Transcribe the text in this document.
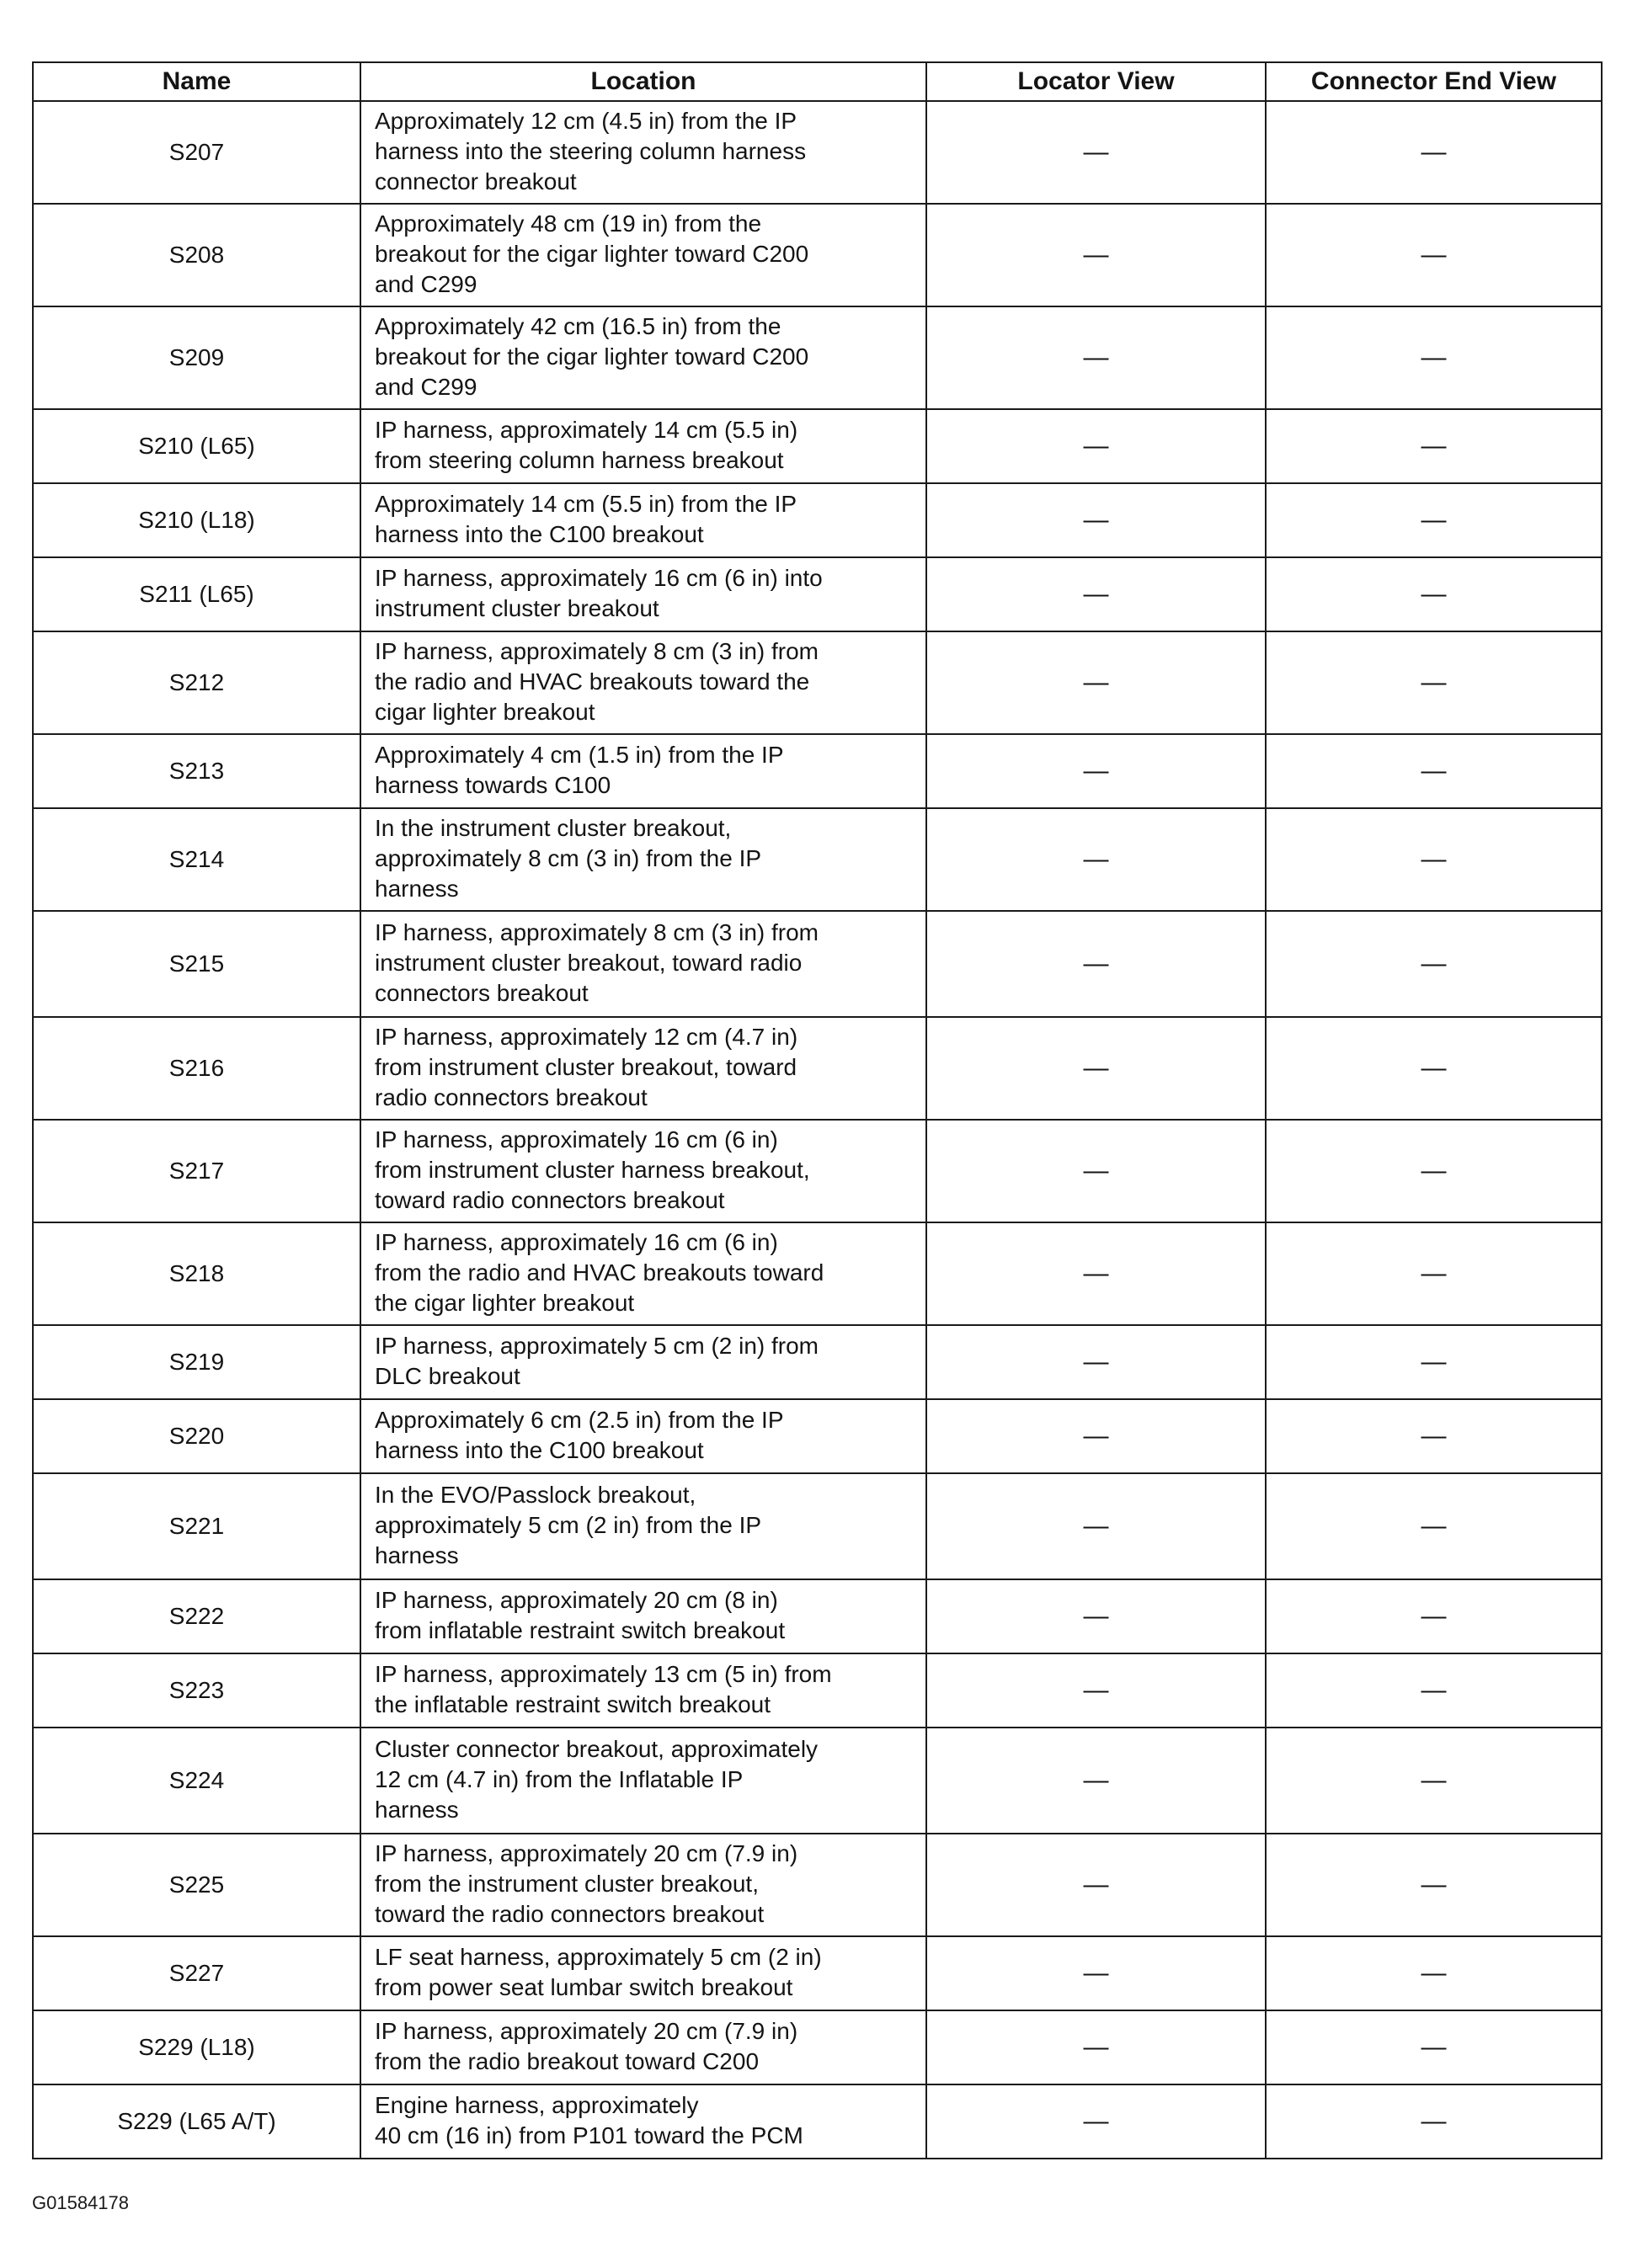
Name	Location	Locator View	Connector End View
S207	Approximately 12 cm (4.5 in) from the IP
harness into the steering column harness
connector breakout	—	—
S208	Approximately 48 cm (19 in) from the
breakout for the cigar lighter toward C200
and C299	—	—
S209	Approximately 42 cm (16.5 in) from the
breakout for the cigar lighter toward C200
and C299	—	—
S210 (L65)	IP harness, approximately 14 cm (5.5 in)
from steering column harness breakout	—	—
S210 (L18)	Approximately 14 cm (5.5 in) from the IP
harness into the C100 breakout	—	—
S211 (L65)	IP harness, approximately 16 cm (6 in) into
instrument cluster breakout	—	—
S212	IP harness, approximately 8 cm (3 in) from
the radio and HVAC breakouts toward the
cigar lighter breakout	—	—
S213	Approximately 4 cm (1.5 in) from the IP
harness towards C100	—	—
S214	In the instrument cluster breakout,
approximately 8 cm (3 in) from the IP
harness	—	—
S215	IP harness, approximately 8 cm (3 in) from
instrument cluster breakout, toward radio
connectors breakout	—	—
S216	IP harness, approximately 12 cm (4.7 in)
from instrument cluster breakout, toward
radio connectors breakout	—	—
S217	IP harness, approximately 16 cm (6 in)
from instrument cluster harness breakout,
toward radio connectors breakout	—	—
S218	IP harness, approximately 16 cm (6 in)
from the radio and HVAC breakouts toward
the cigar lighter breakout	—	—
S219	IP harness, approximately 5 cm (2 in) from
DLC breakout	—	—
S220	Approximately 6 cm (2.5 in) from the IP
harness into the C100 breakout	—	—
S221	In the EVO/Passlock breakout,
approximately 5 cm (2 in) from the IP
harness	—	—
S222	IP harness, approximately 20 cm (8 in)
from inflatable restraint switch breakout	—	—
S223	IP harness, approximately 13 cm (5 in) from
the inflatable restraint switch breakout	—	—
S224	Cluster connector breakout, approximately
12 cm (4.7 in) from the Inflatable IP
harness	—	—
S225	IP harness, approximately 20 cm (7.9 in)
from the instrument cluster breakout,
toward the radio connectors breakout	—	—
S227	LF seat harness, approximately 5 cm (2 in)
from power seat lumbar switch breakout	—	—
S229 (L18)	IP harness, approximately 20 cm (7.9 in)
from the radio breakout toward C200	—	—
S229 (L65 A/T)	Engine harness, approximately
40 cm (16 in) from P101 toward the PCM	—	—
G01584178
